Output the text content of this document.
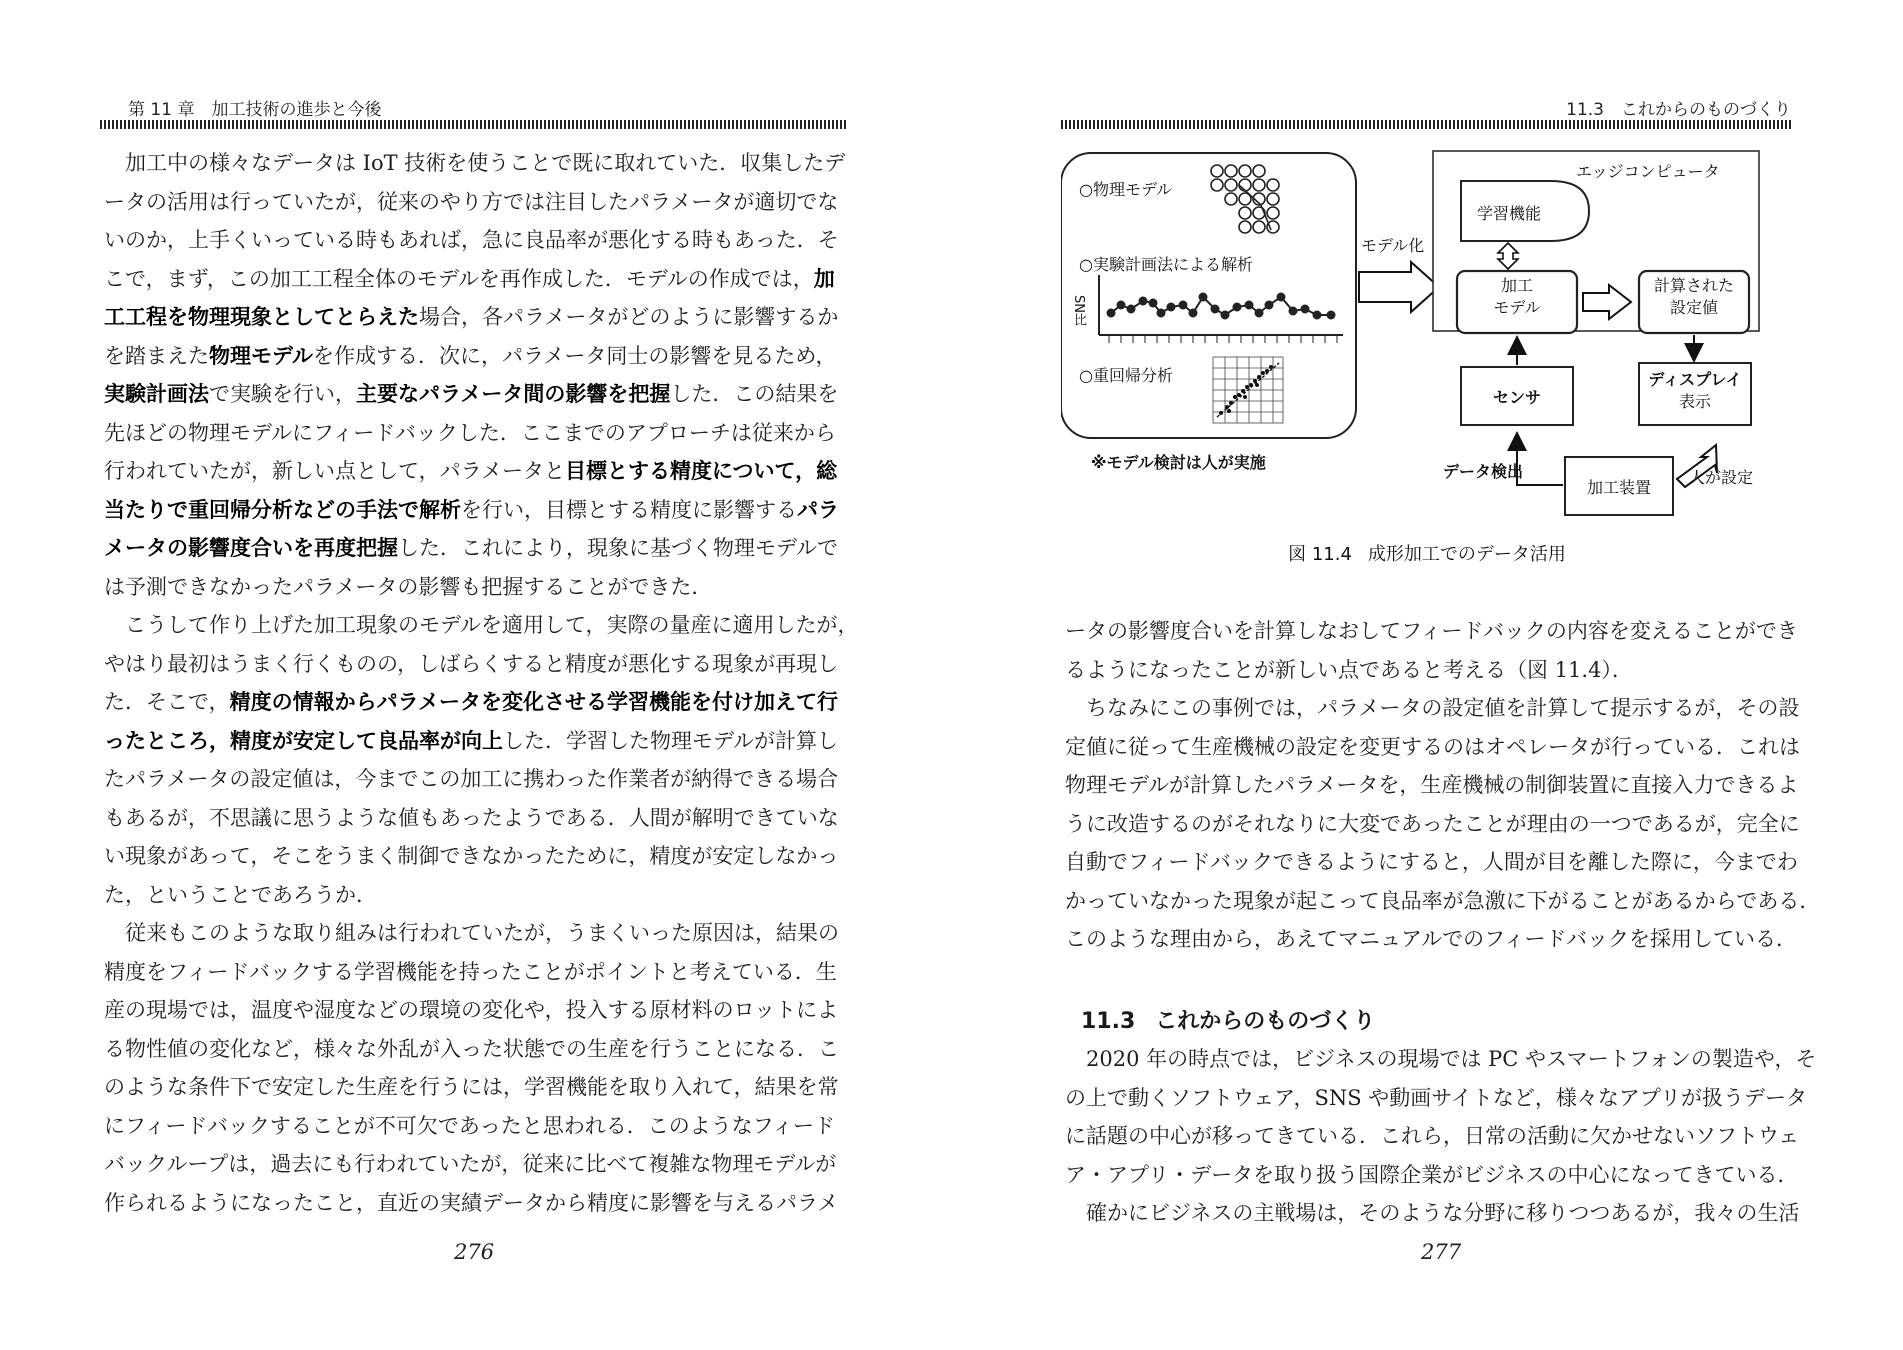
第 11 章　加工技術の進歩と今後

　加工中の様々なデータは IoT 技術を使うことで既に取れていた．収集したデ

ータの活用は行っていたが，従来のやり方では注目したパラメータが適切でな

いのか，上手くいっている時もあれば，急に良品率が悪化する時もあった．そ

こで，まず，この加工工程全体のモデルを再作成した．モデルの作成では，加

工工程を物理現象としてとらえた場合，各パラメータがどのように影響するか

を踏まえた物理モデルを作成する．次に，パラメータ同士の影響を見るため，

実験計画法で実験を行い，主要なパラメータ間の影響を把握した．この結果を

先ほどの物理モデルにフィードバックした．ここまでのアプローチは従来から

行われていたが，新しい点として，パラメータと目標とする精度について，総

当たりで重回帰分析などの手法で解析を行い，目標とする精度に影響するパラ

メータの影響度合いを再度把握した．これにより，現象に基づく物理モデルで

は予測できなかったパラメータの影響も把握することができた．

　こうして作り上げた加工現象のモデルを適用して，実際の量産に適用したが，

やはり最初はうまく行くものの，しばらくすると精度が悪化する現象が再現し

た．そこで，精度の情報からパラメータを変化させる学習機能を付け加えて行

ったところ，精度が安定して良品率が向上した．学習した物理モデルが計算し

たパラメータの設定値は，今までこの加工に携わった作業者が納得できる場合

もあるが，不思議に思うような値もあったようである．人間が解明できていな

い現象があって，そこをうまく制御できなかったために，精度が安定しなかっ

た，ということであろうか．

　従来もこのような取り組みは行われていたが，うまくいった原因は，結果の

精度をフィードバックする学習機能を持ったことがポイントと考えている．生

産の現場では，温度や湿度などの環境の変化や，投入する原材料のロットによ

る物性値の変化など，様々な外乱が入った状態での生産を行うことになる．こ

のような条件下で安定した生産を行うには，学習機能を取り入れて，結果を常

にフィードバックすることが不可欠であったと思われる．このようなフィード

バックループは，過去にも行われていたが，従来に比べて複雑な物理モデルが

作られるようになったこと，直近の実績データから精度に影響を与えるパラメ

276
11.3　これからのものづくり
○物理モデル
○実験計画法による解析
SN比
○重回帰分析
※モデル検討は人が実施
モデル化
エッジコンピュータ
学習機能
加工
モデル
計算された
設定値
センサ
ディスプレイ
表示
加工装置
データ検出	人が設定
図 11.4 成形加工でのデータ活用

ータの影響度合いを計算しなおしてフィードバックの内容を変えることができ

るようになったことが新しい点であると考える（図 11.4）．

　ちなみにこの事例では，パラメータの設定値を計算して提示するが，その設

定値に従って生産機械の設定を変更するのはオペレータが行っている．これは

物理モデルが計算したパラメータを，生産機械の制御装置に直接入力できるよ

うに改造するのがそれなりに大変であったことが理由の一つであるが，完全に

自動でフィードバックできるようにすると，人間が目を離した際に，今までわ

かっていなかった現象が起こって良品率が急激に下がることがあるからである．

このような理由から，あえてマニュアルでのフィードバックを採用している．

11.3 これからのものづくり

　2020 年の時点では，ビジネスの現場では PC やスマートフォンの製造や，そ

の上で動くソフトウェア，SNS や動画サイトなど，様々なアプリが扱うデータ

に話題の中心が移ってきている．これら，日常の活動に欠かせないソフトウェ

ア・アプリ・データを取り扱う国際企業がビジネスの中心になってきている．

　確かにビジネスの主戦場は，そのような分野に移りつつあるが，我々の生活

277
